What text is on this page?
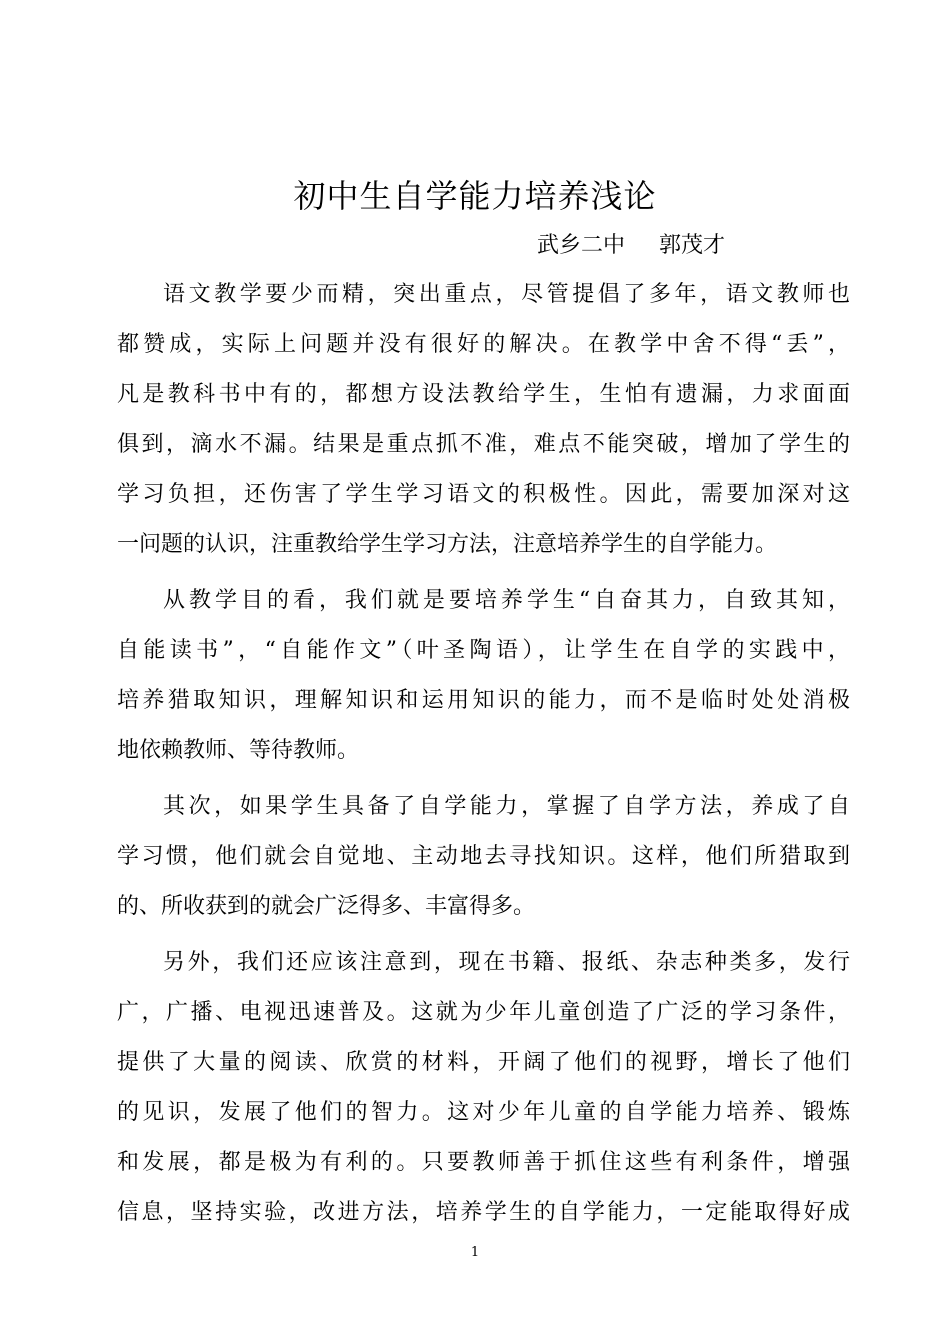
初中生自学能力培养浅论
武乡二中 郭茂才
语文教学要少而精，突出重点，尽管提倡了多年，语文教师也
都赞成，实际上问题并没有很好的解决。在教学中舍不得“丢”，
凡是教科书中有的，都想方设法教给学生，生怕有遗漏，力求面面
俱到，滴水不漏。结果是重点抓不准，难点不能突破，增加了学生的
学习负担，还伤害了学生学习语文的积极性。因此，需要加深对这
一问题的认识，注重教给学生学习方法，注意培养学生的自学能力。
从教学目的看，我们就是要培养学生“自奋其力，自致其知，
自能读书”，“自能作文”（叶圣陶语），让学生在自学的实践中，
培养猎取知识，理解知识和运用知识的能力，而不是临时处处消极
地依赖教师、等待教师。
其次，如果学生具备了自学能力，掌握了自学方法，养成了自
学习惯，他们就会自觉地、主动地去寻找知识。这样，他们所猎取到
的、所收获到的就会广泛得多、丰富得多。
另外，我们还应该注意到，现在书籍、报纸、杂志种类多，发行
广，广播、电视迅速普及。这就为少年儿童创造了广泛的学习条件，
提供了大量的阅读、欣赏的材料，开阔了他们的视野，增长了他们
的见识，发展了他们的智力。这对少年儿童的自学能力培养、锻炼
和发展，都是极为有利的。只要教师善于抓住这些有利条件，增强
信息，坚持实验，改进方法，培养学生的自学能力，一定能取得好成
1
